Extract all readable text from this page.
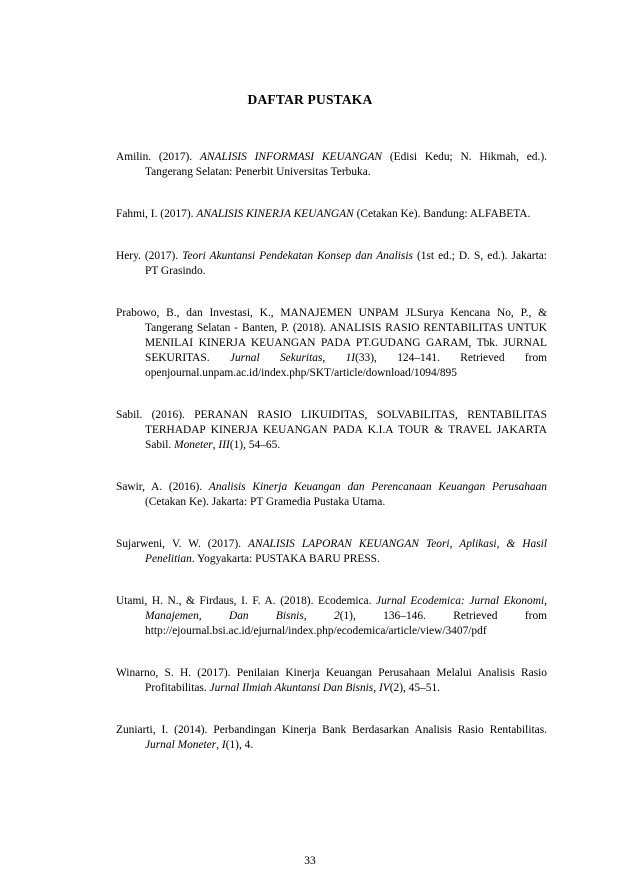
DAFTAR PUSTAKA
Amilin. (2017). ANALISIS INFORMASI KEUANGAN (Edisi Kedu; N. Hikmah, ed.). Tangerang Selatan: Penerbit Universitas Terbuka.
Fahmi, I. (2017). ANALISIS KINERJA KEUANGAN (Cetakan Ke). Bandung: ALFABETA.
Hery. (2017). Teori Akuntansi Pendekatan Konsep dan Analisis (1st ed.; D. S, ed.). Jakarta: PT Grasindo.
Prabowo, B., dan Investasi, K., MANAJEMEN UNPAM JLSurya Kencana No, P., & Tangerang Selatan - Banten, P. (2018). ANALISIS RASIO RENTABILITAS UNTUK MENILAI KINERJA KEUANGAN PADA PT.GUDANG GARAM, Tbk. JURNAL SEKURITAS. Jurnal Sekuritas, 1I(33), 124–141. Retrieved from openjournal.unpam.ac.id/index.php/SKT/article/download/1094/895
Sabil. (2016). PERANAN RASIO LIKUIDITAS, SOLVABILITAS, RENTABILITAS TERHADAP KINERJA KEUANGAN PADA K.I.A TOUR & TRAVEL JAKARTA Sabil. Moneter, III(1), 54–65.
Sawir, A. (2016). Analisis Kinerja Keuangan dan Perencanaan Keuangan Perusahaan (Cetakan Ke). Jakarta: PT Gramedia Pustaka Utama.
Sujarweni, V. W. (2017). ANALISIS LAPORAN KEUANGAN Teori, Aplikasi, & Hasil Penelitian. Yogyakarta: PUSTAKA BARU PRESS.
Utami, H. N., & Firdaus, I. F. A. (2018). Ecodemica. Jurnal Ecodemica: Jurnal Ekonomi, Manajemen, Dan Bisnis, 2(1), 136–146. Retrieved from http://ejournal.bsi.ac.id/ejurnal/index.php/ecodemica/article/view/3407/pdf
Winarno, S. H. (2017). Penilaian Kinerja Keuangan Perusahaan Melalui Analisis Rasio Profitabilitas. Jurnal Ilmiah Akuntansi Dan Bisnis, IV(2), 45–51.
Zuniarti, I. (2014). Perbandingan Kinerja Bank Berdasarkan Analisis Rasio Rentabilitas. Jurnal Moneter, I(1), 4.
33
